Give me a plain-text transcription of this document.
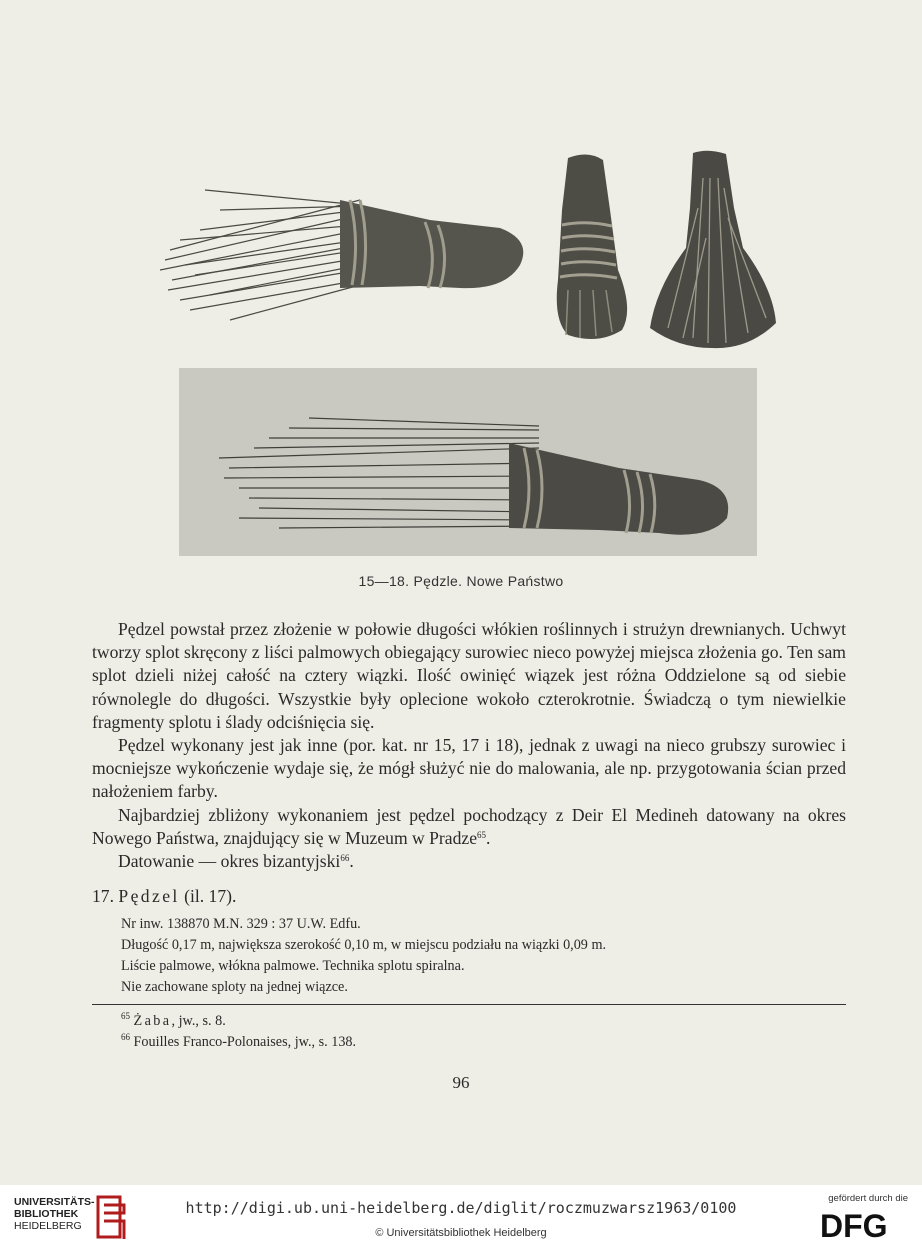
15—18. Pędzle. Nowe Państwo

Pędzel powstał przez złożenie w połowie długości włókien roślinnych i strużyn drewnianych. Uchwyt tworzy splot skręcony z liści palmowych obiegający surowiec nieco powyżej miejsca złożenia go. Ten sam splot dzieli niżej całość na cztery wiązki. Ilość owinięć wiązek jest różna Oddzielone są od siebie równolegle do długości. Wszystkie były oplecione wokoło czterokrotnie. Świadczą o tym niewielkie fragmenty splotu i ślady odciśnięcia się.

Pędzel wykonany jest jak inne (por. kat. nr 15, 17 i 18), jednak z uwagi na nieco grubszy surowiec i mocniejsze wykończenie wydaje się, że mógł służyć nie do malowania, ale np. przygotowania ścian przed nałożeniem farby.

Najbardziej zbliżony wykonaniem jest pędzel pochodzący z Deir El Medineh datowany na okres Nowego Państwa, znajdujący się w Muzeum w Pradze$^{65}$.

Datowanie — okres bizantyjski$^{66}$.

17. Pędzel (il. 17).
Nr inw. 138870 M.N. 329 : 37 U.W. Edfu.
Długość 0,17 m, największa szerokość 0,10 m, w miejscu podziału na wiązki 0,09 m.
Liście palmowe, włókna palmowe. Technika splotu spiralna.
Nie zachowane sploty na jednej wiązce.
$^{65}$ Żaba, jw., s. 8.
$^{66}$ Fouilles Franco-Polonaises, jw., s. 138.
96
UNIVERSITÄTS-
BIBLIOTHEK
HEIDELBERG
http://digi.ub.uni-heidelberg.de/diglit/roczmuzwarsz1963/0100
© Universitätsbibliothek Heidelberg
gefördert durch die
DFG
